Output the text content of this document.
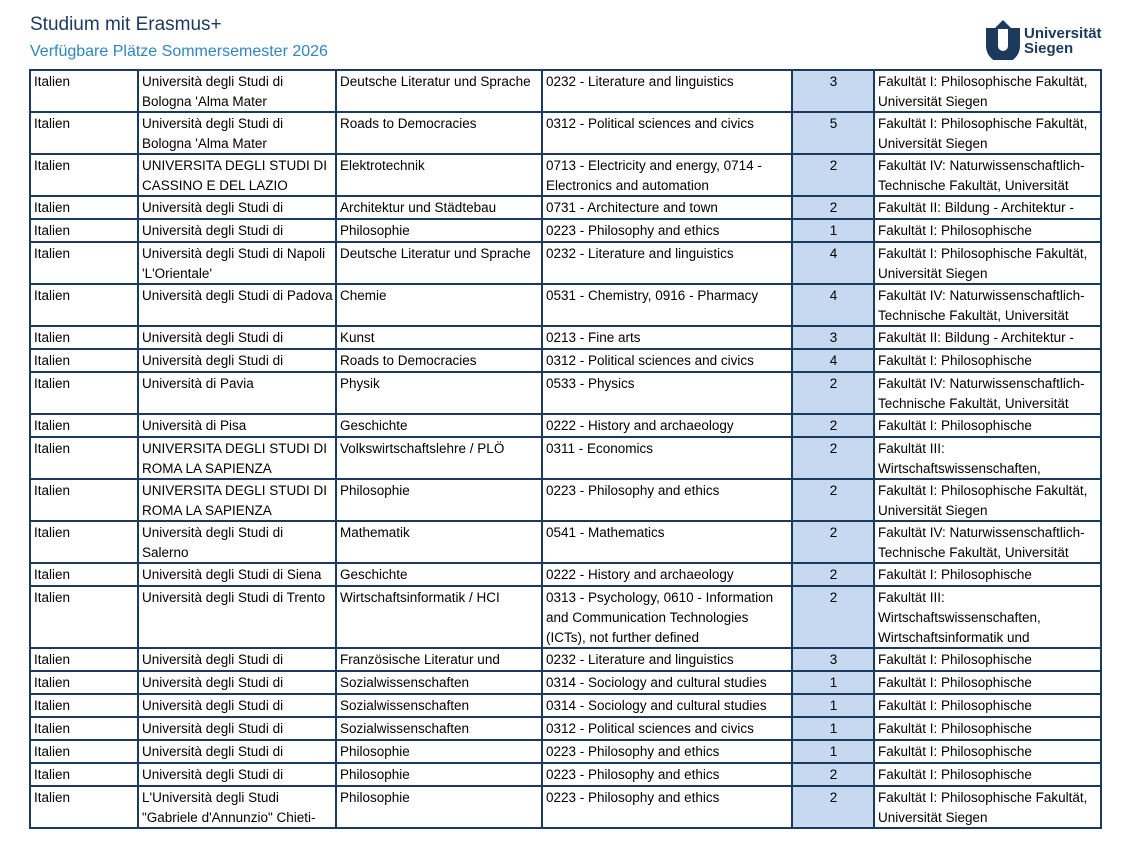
Studium mit Erasmus+
Verfügbare Plätze Sommersemester 2026
Universität
Siegen
Italien	Università degli Studi di Bologna 'Alma Mater	Deutsche Literatur und Sprache	0232 - Literature and linguistics	3	Fakultät I: Philosophische Fakultät, Universität Siegen

Italien	Università degli Studi di Bologna 'Alma Mater	Roads to Democracies	0312 - Political sciences and civics	5	Fakultät I: Philosophische Fakultät, Universität Siegen

Italien	UNIVERSITA DEGLI STUDI DI CASSINO E DEL LAZIO	Elektrotechnik	0713 - Electricity and energy, 0714 - Electronics and automation	2	Fakultät IV: Naturwissenschaftlich-Technische Fakultät, Universität

Italien	Università degli Studi di	Architektur und Städtebau	0731 - Architecture and town	2	Fakultät II: Bildung - Architektur -

Italien	Università degli Studi di	Philosophie	0223 - Philosophy and ethics	1	Fakultät I: Philosophische

Italien	Università degli Studi di Napoli 'L'Orientale'	Deutsche Literatur und Sprache	0232 - Literature and linguistics	4	Fakultät I: Philosophische Fakultät, Universität Siegen

Italien	Università degli Studi di Padova	Chemie	0531 - Chemistry, 0916 - Pharmacy	4	Fakultät IV: Naturwissenschaftlich-Technische Fakultät, Universität

Italien	Università degli Studi di	Kunst	0213 - Fine arts	3	Fakultät II: Bildung - Architektur -

Italien	Università degli Studi di	Roads to Democracies	0312 - Political sciences and civics	4	Fakultät I: Philosophische

Italien	Università di Pavia	Physik	0533 - Physics	2	Fakultät IV: Naturwissenschaftlich-Technische Fakultät, Universität

Italien	Università di Pisa	Geschichte	0222 - History and archaeology	2	Fakultät I: Philosophische

Italien	UNIVERSITA DEGLI STUDI DI ROMA LA SAPIENZA	Volkswirtschaftslehre / PLÖ	0311 - Economics	2	Fakultät III: Wirtschaftswissenschaften,

Italien	UNIVERSITA DEGLI STUDI DI ROMA LA SAPIENZA	Philosophie	0223 - Philosophy and ethics	2	Fakultät I: Philosophische Fakultät, Universität Siegen

Italien	Università degli Studi di Salerno	Mathematik	0541 - Mathematics	2	Fakultät IV: Naturwissenschaftlich-Technische Fakultät, Universität

Italien	Università degli Studi di Siena	Geschichte	0222 - History and archaeology	2	Fakultät I: Philosophische

Italien	Università degli Studi di Trento	Wirtschaftsinformatik / HCI	0313 - Psychology, 0610 - Information and Communication Technologies (ICTs), not further defined	2	Fakultät III: Wirtschaftswissenschaften, Wirtschaftsinformatik und

Italien	Università degli Studi di	Französische Literatur und	0232 - Literature and linguistics	3	Fakultät I: Philosophische

Italien	Università degli Studi di	Sozialwissenschaften	0314 - Sociology and cultural studies	1	Fakultät I: Philosophische

Italien	Università degli Studi di	Sozialwissenschaften	0314 - Sociology and cultural studies	1	Fakultät I: Philosophische

Italien	Università degli Studi di	Sozialwissenschaften	0312 - Political sciences and civics	1	Fakultät I: Philosophische

Italien	Università degli Studi di	Philosophie	0223 - Philosophy and ethics	1	Fakultät I: Philosophische

Italien	Università degli Studi di	Philosophie	0223 - Philosophy and ethics	2	Fakultät I: Philosophische

Italien	L'Università degli Studi "Gabriele d'Annunzio" Chieti-	Philosophie	0223 - Philosophy and ethics	2	Fakultät I: Philosophische Fakultät, Universität Siegen
